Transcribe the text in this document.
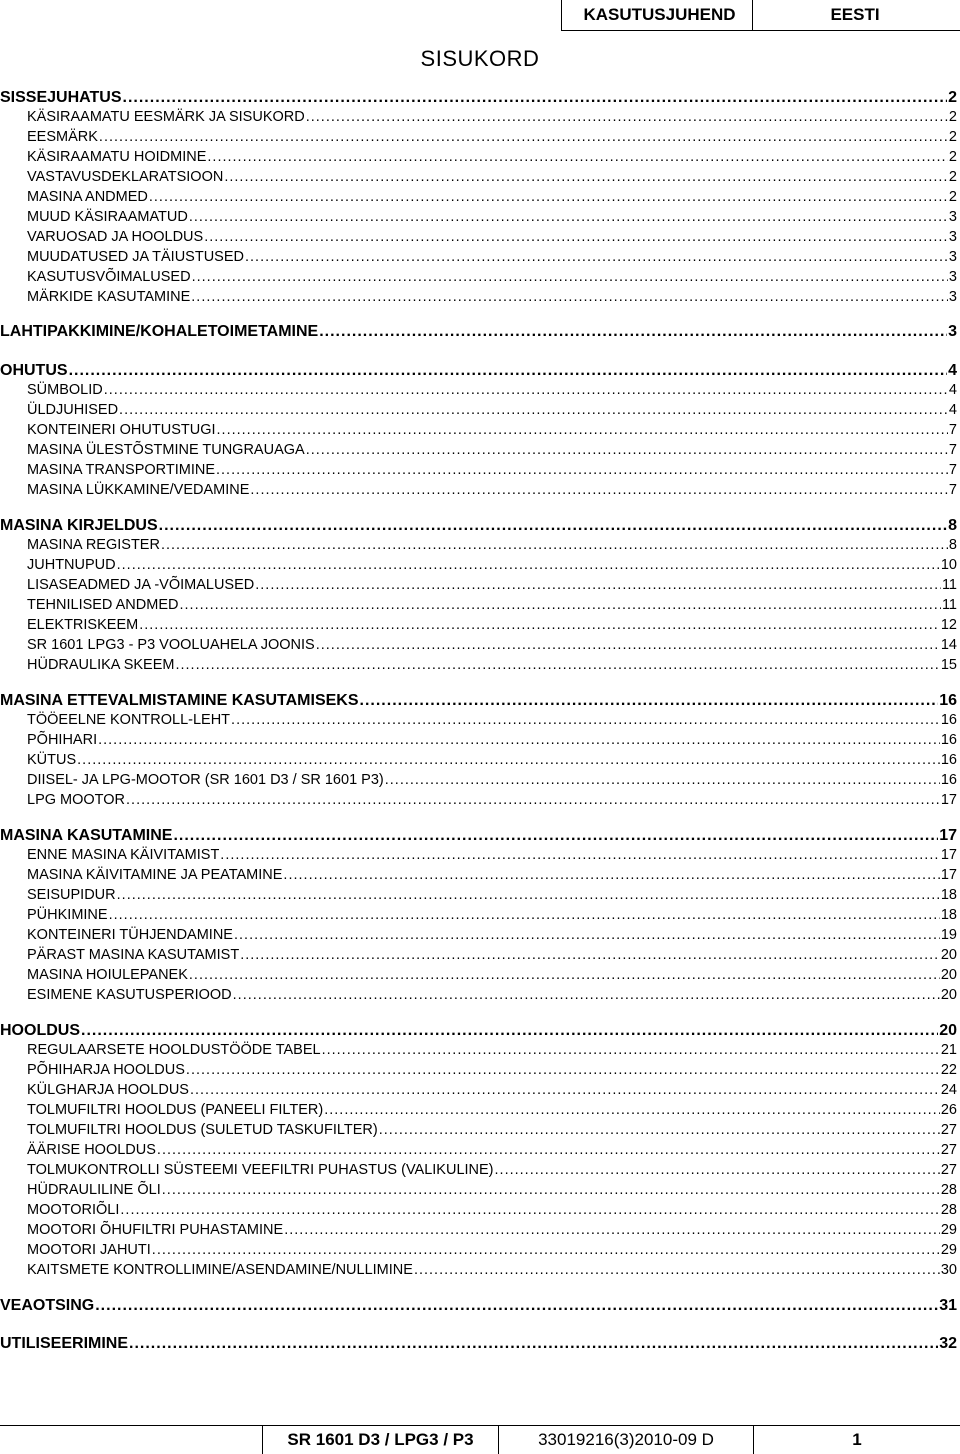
KASUTUSJUHEND	EESTI
SISUKORD
SISSEJUHATUS .....	2
KÄSIRAAMATU EESMÄRK JA SISUKORD .....	2
EESMÄRK .....	2
KÄSIRAAMATU HOIDMINE .....	2
VASTAVUSDEKLARATSIOON .....	2
MASINA ANDMED .....	2
MUUD KÄSIRAAMATUD .....	3
VARUOSAD JA HOOLDUS .....	3
MUUDATUSED JA TÄIUSTUSED .....	3
KASUTUSVÕIMALUSED .....	3
MÄRKIDE KASUTAMINE .....	3
LAHTIPAKKIMINE/KOHALETOIMETAMINE .....	3
OHUTUS .....	4
SÜMBOLID .....	4
ÜLDJUHISED .....	4
KONTEINERI OHUTUSTUGI .....	7
MASINA ÜLESTÕSTMINE TUNGRAUAGA .....	7
MASINA TRANSPORTIMINE .....	7
MASINA LÜKKAMINE/VEDAMINE .....	7
MASINA KIRJELDUS .....	8
MASINA REGISTER .....	8
JUHTNUPUD .....	10
LISASEADMED JA -VÕIMALUSED .....	11
TEHNILISED ANDMED .....	11
ELEKTRISKEEM .....	12
SR 1601 LPG3 - P3 VOOLUAHELA JOONIS .....	14
HÜDRAULIKA SKEEM .....	15
MASINA ETTEVALMISTAMINE KASUTAMISEKS .....	16
TÖÖEELNE KONTROLL-LEHT .....	16
PÕHIHARI .....	16
KÜTUS .....	16
DIISEL- JA LPG-MOOTOR (SR 1601 D3 / SR 1601 P3) .....	16
LPG MOOTOR .....	17
MASINA KASUTAMINE .....	17
ENNE MASINA KÄIVITAMIST .....	17
MASINA KÄIVITAMINE JA PEATAMINE .....	17
SEISUPIDUR .....	18
PÜHKIMINE .....	18
KONTEINERI TÜHJENDAMINE .....	19
PÄRAST MASINA KASUTAMIST .....	20
MASINA HOIULEPANEK .....	20
ESIMENE KASUTUSPERIOOD .....	20
HOOLDUS .....	20
REGULAARSETE HOOLDUSTÖÖDE TABEL .....	21
PÕHIHARJA HOOLDUS .....	22
KÜLGHARJA HOOLDUS .....	24
TOLMUFILTRI HOOLDUS (PANEELI FILTER) .....	26
TOLMUFILTRI HOOLDUS (SULETUD TASKUFILTER) .....	27
ÄÄRISE HOOLDUS .....	27
TOLMUKONTROLLI SÜSTEEMI VEEFILTRI PUHASTUS (VALIKULINE) .....	27
HÜDRAULILINE ÕLI .....	28
MOOTORIÕLI .....	28
MOOTORI ÕHUFILTRI PUHASTAMINE .....	29
MOOTORI JAHUTI .....	29
KAITSMETE KONTROLLIMINE/ASENDAMINE/NULLIMINE .....	30
VEAOTSING .....	31
UTILISEERIMINE .....	32
SR 1601 D3 / LPG3 / P3	33019216(3)2010-09 D	1
